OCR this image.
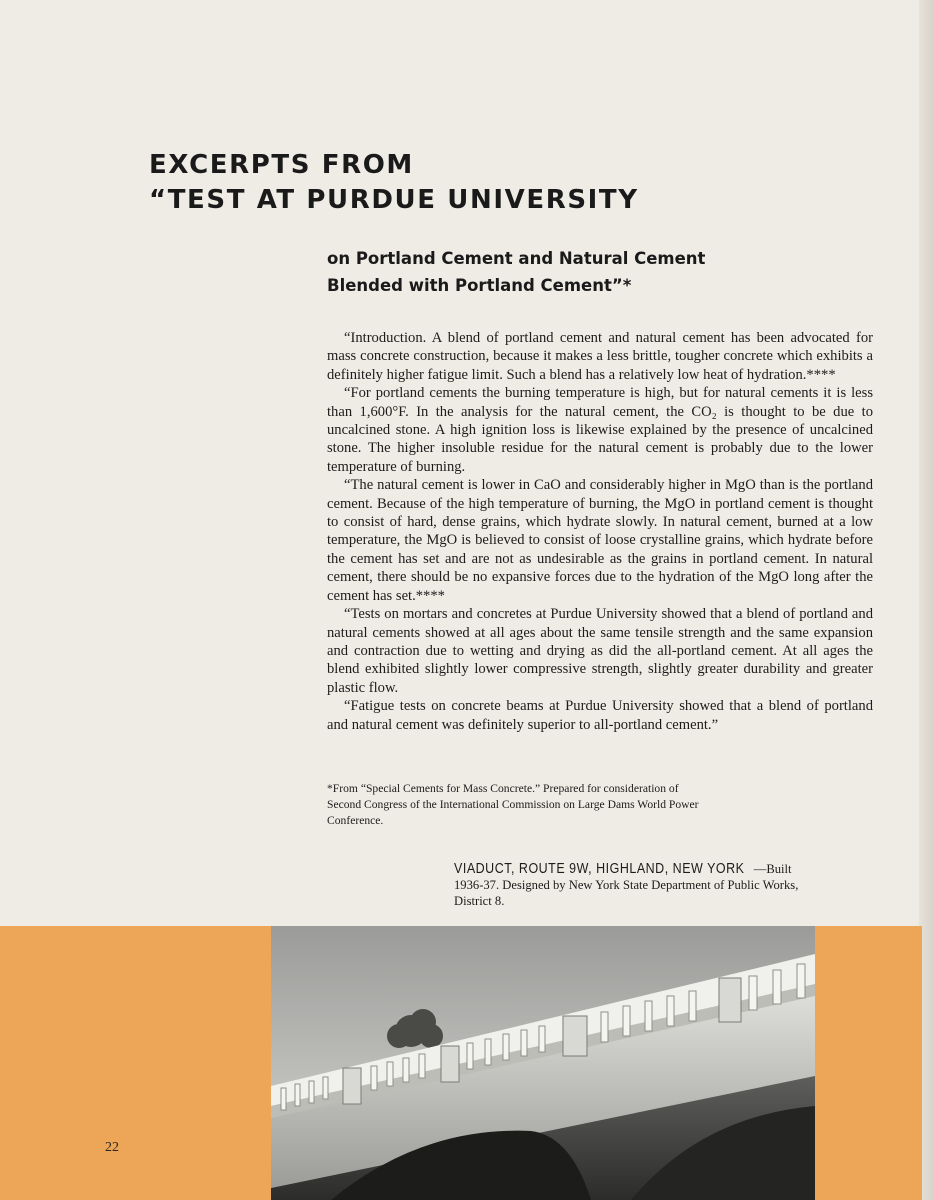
EXCERPTS FROM
“TEST AT PURDUE UNIVERSITY
on Portland Cement and Natural Cement
Blended with Portland Cement”*

“Introduction. A blend of portland cement and natural cement has been advocated for mass concrete construction, because it makes a less brittle, tougher concrete which exhibits a definitely higher fatigue limit. Such a blend has a relatively low heat of hydration.****

“For portland cements the burning temperature is high, but for natural cements it is less than 1,600°F. In the analysis for the natural cement, the CO₂ is thought to be due to uncalcined stone. A high ignition loss is likewise explained by the presence of uncalcined stone. The higher insoluble residue for the natural cement is probably due to the lower temperature of burning.

“The natural cement is lower in CaO and considerably higher in MgO than is the portland cement. Because of the high temperature of burning, the MgO in portland cement is thought to consist of hard, dense grains, which hydrate slowly. In natural cement, burned at a low temperature, the MgO is believed to consist of loose crystalline grains, which hydrate before the cement has set and are not as undesirable as the grains in portland cement. In natural cement, there should be no expansive forces due to the hydration of the MgO long after the cement has set.****

“Tests on mortars and concretes at Purdue University showed that a blend of portland and natural cements showed at all ages about the same tensile strength and the same expansion and contraction due to wetting and drying as did the all-portland cement. At all ages the blend exhibited slightly lower compressive strength, slightly greater durability and greater plastic flow.

“Fatigue tests on concrete beams at Purdue University showed that a blend of portland and natural cement was definitely superior to all-portland cement.”

*From “Special Cements for Mass Concrete.” Prepared for consideration of Second Congress of the International Commission on Large Dams World Power Conference.
VIADUCT, ROUTE 9W, HIGHLAND, NEW YORK —Built 1936-37. Designed by New York State Department of Public Works, District 8.
22
